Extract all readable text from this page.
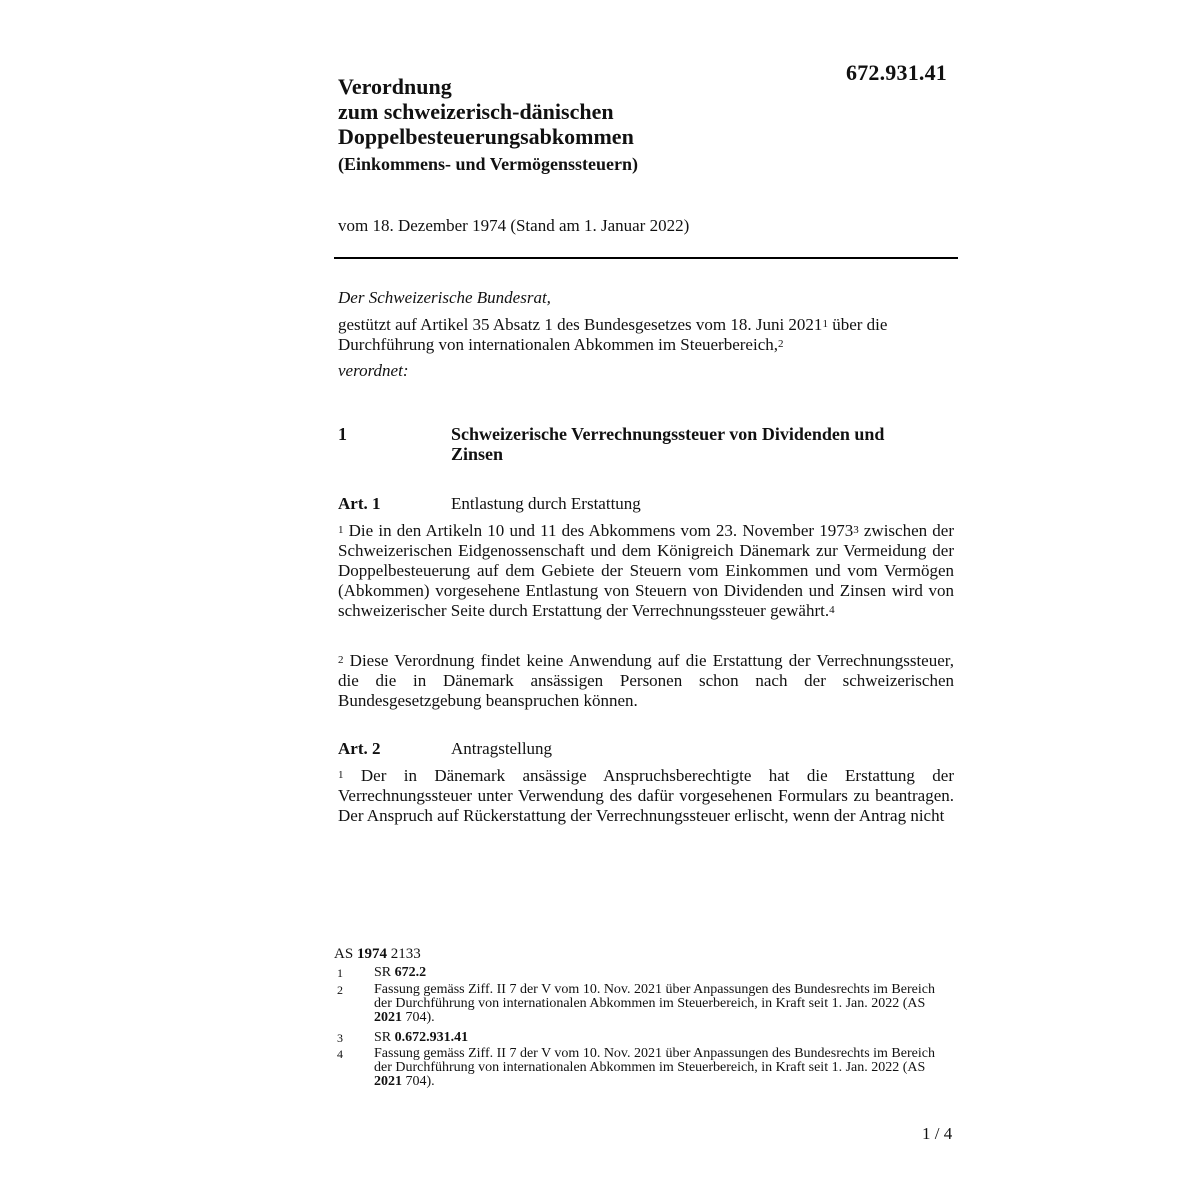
672.931.41
Verordnung
zum schweizerisch-dänischen
Doppelbesteuerungsabkommen
(Einkommens- und Vermögenssteuern)
vom 18. Dezember 1974 (Stand am 1. Januar 2022)
Der Schweizerische Bundesrat,
gestützt auf Artikel 35 Absatz 1 des Bundesgesetzes vom 18. Juni 2021$^1$ über die Durchführung von internationalen Abkommen im Steuerbereich,$^2$
verordnet:
1	Schweizerische Verrechnungssteuer von Dividenden und Zinsen
Art. 1	Entlastung durch Erstattung
$^1$ Die in den Artikeln 10 und 11 des Abkommens vom 23. November 1973$^3$ zwischen der Schweizerischen Eidgenossenschaft und dem Königreich Dänemark zur Vermeidung der Doppelbesteuerung auf dem Gebiete der Steuern vom Einkommen und vom Vermögen (Abkommen) vorgesehene Entlastung von Steuern von Dividenden und Zinsen wird von schweizerischer Seite durch Erstattung der Verrechnungssteuer gewährt.$^4$
$^2$ Diese Verordnung findet keine Anwendung auf die Erstattung der Verrechnungssteuer, die die in Dänemark ansässigen Personen schon nach der schweizerischen Bundesgesetzgebung beanspruchen können.
Art. 2	Antragstellung
$^1$ Der in Dänemark ansässige Anspruchsberechtigte hat die Erstattung der Verrechnungssteuer unter Verwendung des dafür vorgesehenen Formulars zu beantragen. Der Anspruch auf Rückerstattung der Verrechnungssteuer erlischt, wenn der Antrag nicht
AS 1974 2133
1	SR 672.2
2	Fassung gemäss Ziff. II 7 der V vom 10. Nov. 2021 über Anpassungen des Bundesrechts im Bereich der Durchführung von internationalen Abkommen im Steuerbereich, in Kraft seit 1. Jan. 2022 (AS 2021 704).
3	SR 0.672.931.41
4	Fassung gemäss Ziff. II 7 der V vom 10. Nov. 2021 über Anpassungen des Bundesrechts im Bereich der Durchführung von internationalen Abkommen im Steuerbereich, in Kraft seit 1. Jan. 2022 (AS 2021 704).
1 / 4
